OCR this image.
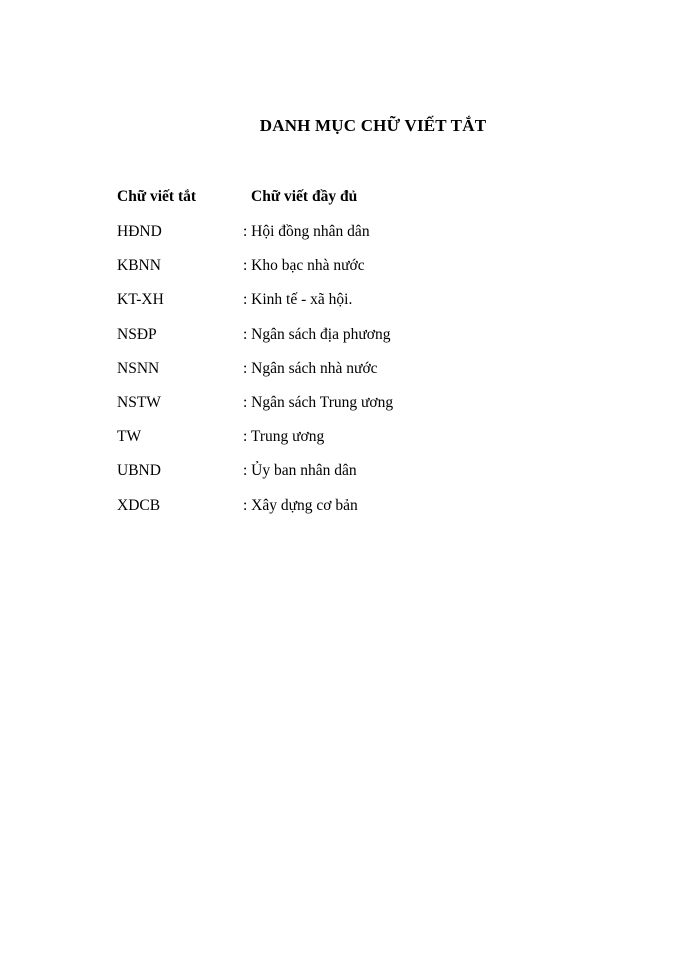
DANH MỤC CHỮ VIẾT TẮT
Chữ viết tắt	Chữ viết đầy đủ
HĐND	: Hội đồng nhân dân
KBNN	: Kho bạc nhà nước
KT-XH	: Kinh tế - xã hội.
NSĐP	: Ngân sách địa phương
NSNN	: Ngân sách nhà nước
NSTW	: Ngân sách Trung ương
TW	: Trung ương
UBND	: Ủy ban nhân dân
XDCB	: Xây dựng cơ bản
